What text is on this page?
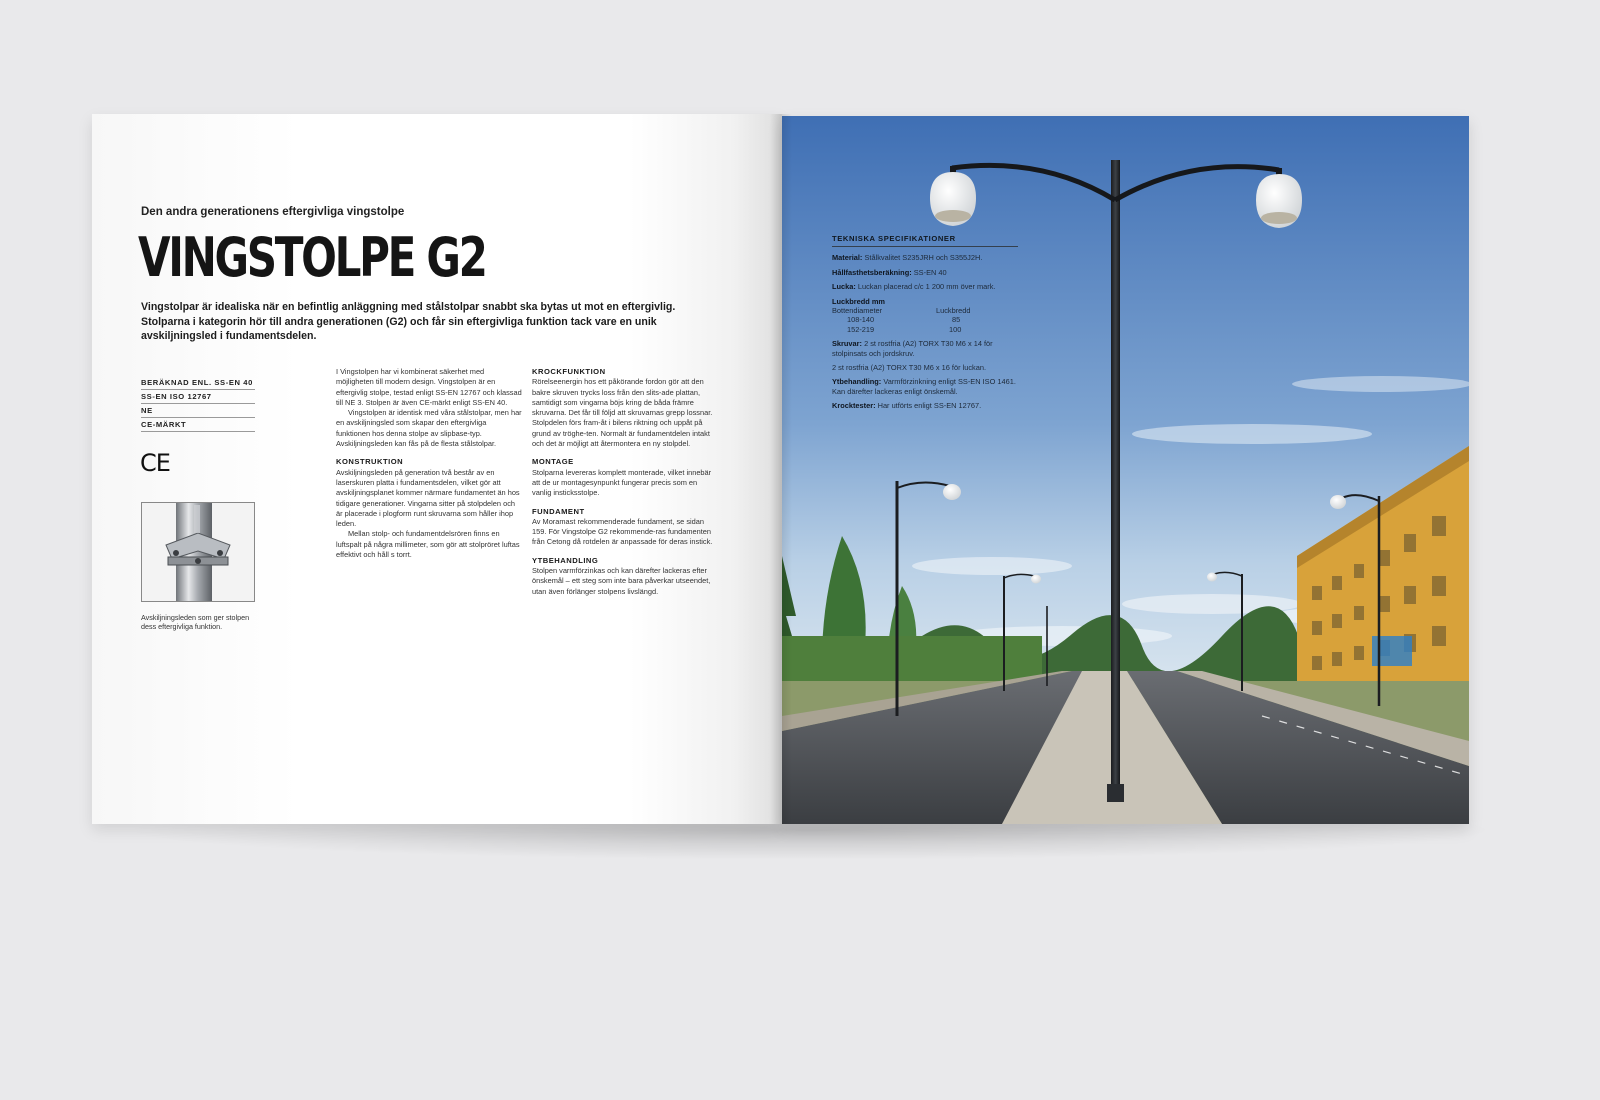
Den andra generationens eftergivliga vingstolpe
VINGSTOLPE G2
Vingstolpar är idealiska när en befintlig anläggning med stålstolpar snabbt ska bytas ut mot en eftergivlig. Stolparna i kategorin hör till andra generationen (G2) och får sin eftergivliga funktion tack vare en unik avskiljningsled i fundamentsdelen.
BERÄKNAD ENL. SS-EN 40
SS-EN ISO 12767
NE
CE-MÄRKT
CE
Avskiljningsleden som ger stolpen dess eftergivliga funktion.

I Vingstolpen har vi kombinerat säkerhet med möjligheten till modern design. Vingstolpen är en eftergivlig stolpe, testad enligt SS-EN 12767 och klassad till NE 3. Stolpen är även CE-märkt enligt SS-EN 40.

Vingstolpen är identisk med våra stålstolpar, men har en avskiljningsled som skapar den eftergivliga funktionen hos denna stolpe av slipbase-typ. Avskiljningsleden kan fås på de flesta stålstolpar.

KONSTRUKTION

Avskiljningsleden på generation två består av en laserskuren platta i fundamentsdelen, vilket gör att avskiljningsplanet kommer närmare fundamentet än hos tidigare generationer. Vingarna sitter på stolpdelen och är placerade i plogform runt skruvarna som håller ihop leden.

Mellan stolp- och fundamentdelsrören finns en luftspalt på några millimeter, som gör att stolpröret luftas effektivt och håll s torrt.

KROCKFUNKTION

Rörelseenergin hos ett påkörande fordon gör att den bakre skruven trycks loss från den slits-ade plattan, samtidigt som vingarna böjs kring de båda främre skruvarna. Det får till följd att skruvarnas grepp lossnar. Stolpdelen förs fram-åt i bilens riktning och uppåt på grund av tröghe-ten. Normalt är fundamentdelen intakt och det är möjligt att återmontera en ny stolpdel.

MONTAGE

Stolparna levereras komplett monterade, vilket innebär att de ur montagesynpunkt fungerar precis som en vanlig insticksstolpe.

FUNDAMENT

Av Moramast rekommenderade fundament, se sidan 159. För Vingstolpe G2 rekommende-ras fundamenten från Cetong då rotdelen är anpassade för deras instick.

YTBEHANDLING

Stolpen varmförzinkas och kan därefter lackeras efter önskemål – ett steg som inte bara påverkar utseendet, utan även förlänger stolpens livslängd.

TEKNISKA SPECIFIKATIONER

Material: Stålkvalitet S235JRH och S355J2H.

Hållfasthetsberäkning: SS-EN 40

Lucka: Luckan placerad c/c 1 200 mm över mark.

Luckbredd mm

Bottendiameter	Luckbredd
108-140	85
152-219	100

Skruvar: 2 st rostfria (A2) TORX T30 M6 x 14 för stolpinsats och jordskruv.

2 st rostfria (A2) TORX T30 M6 x 16 för luckan.

Ytbehandling: Varmförzinkning enligt SS-EN ISO 1461. Kan därefter lackeras enligt önskemål.

Krocktester: Har utförts enligt SS-EN 12767.
